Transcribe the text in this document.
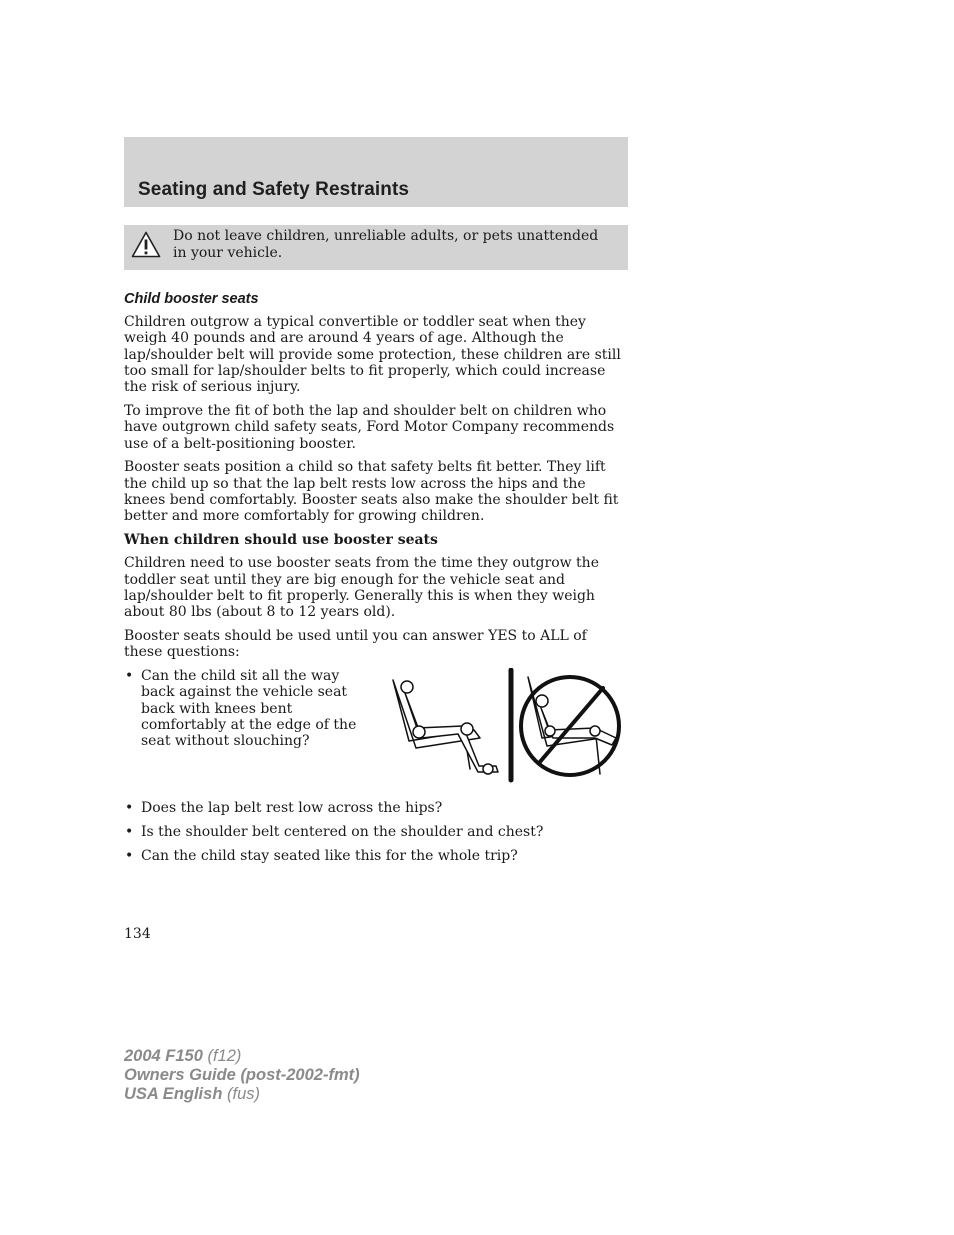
Seating and Safety Restraints

Do not leave children, unreliable adults, or pets unattended in your vehicle.

Child booster seats

Children outgrow a typical convertible or toddler seat when they weigh 40 pounds and are around 4 years of age. Although the lap/shoulder belt will provide some protection, these children are still too small for lap/shoulder belts to fit properly, which could increase the risk of serious injury.

To improve the fit of both the lap and shoulder belt on children who have outgrown child safety seats, Ford Motor Company recommends use of a belt-positioning booster.

Booster seats position a child so that safety belts fit better. They lift the child up so that the lap belt rests low across the hips and the knees bend comfortably. Booster seats also make the shoulder belt fit better and more comfortably for growing children.

When children should use booster seats

Children need to use booster seats from the time they outgrow the toddler seat until they are big enough for the vehicle seat and lap/shoulder belt to fit properly. Generally this is when they weigh about 80 lbs (about 8 to 12 years old).

Booster seats should be used until you can answer YES to ALL of these questions:

• Can the child sit all the way back against the vehicle seat back with knees bent comfortably at the edge of the seat without slouching?
• Does the lap belt rest low across the hips?
• Is the shoulder belt centered on the shoulder and chest?
• Can the child stay seated like this for the whole trip?
134
2004 F150 (f12)
Owners Guide (post-2002-fmt)
USA English (fus)
